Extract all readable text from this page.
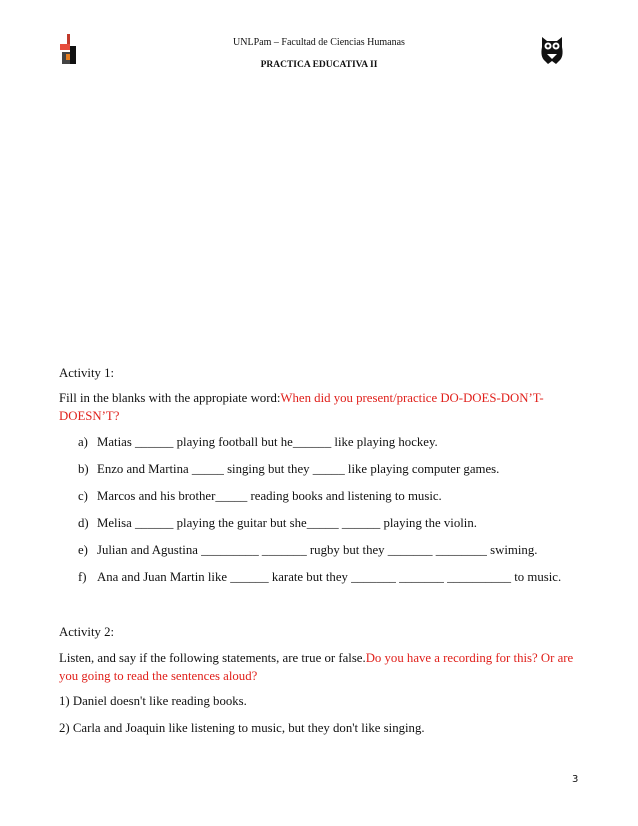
UNLPam – Facultad de Ciencias Humanas
PRACTICA EDUCATIVA II
Activity 1:
Fill in the blanks with the appropiate word:When did you present/practice DO-DOES-DON’T-
DOESN’T?
a) Matias ______ playing football but he______ like playing hockey.
b) Enzo and Martina _____ singing but they _____ like playing computer games.
c) Marcos and his brother_____ reading books and listening to music.
d) Melisa ______ playing the guitar but she_____ ______ playing the violin.
e) Julian and Agustina _________ _______ rugby but they _______ ________ swiming.
f) Ana and Juan Martin like ______ karate but they _______ _______ __________ to music.
Activity 2:
Listen, and say if the following statements, are true or false.Do you have a recording for this? Or are
you going to read the sentences aloud?
1) Daniel doesn't like reading books.
2) Carla and Joaquin like listening to music, but they don't like singing.
3
